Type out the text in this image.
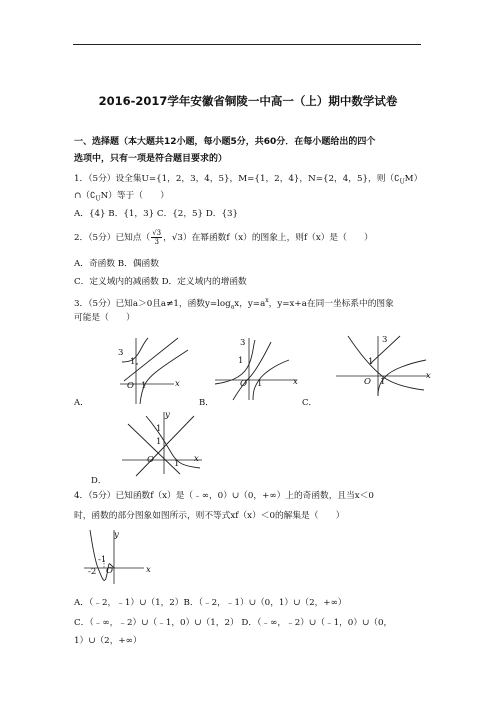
2016-2017学年安徽省铜陵一中高一（上）期中数学试卷
一、选择题（本大题共12小题，每小题5分，共60分．在每小题给出的四个
选项中，只有一项是符合题目要求的）
1．（5分）设全集U={1，2，3，4，5}，M={1，2，4}，N={2，4，5}，则$(∁_UM)$
$\cap(∁_UN)$等于（　　）
A．{4} B．{1，3} C．{2，5} D．{3}
2．（5分）已知点（ $\frac{√3}{3}$ ，√3）在幂函数f（x）的图象上，则f（x）是（　　）
A．奇函数 B．偶函数
C．定义域内的减函数 D．定义域内的增函数
3．（5分）已知a＞0且a≠1，函数$y=\log_ax$，$y=a^x$，y=x+a在同一坐标系中的图象
可能是（　　）
3
1
O 1	x
3
1
O 1	x
3
1
O 1
x
A．	B．	C．
y
1
1
O 1 x
D．
4．（5分）已知函数f（x）是（﹣∞，0）∪（0，+∞）上的奇函数，且当x＜0
时，函数的部分图象如图所示，则不等式xf（x）＜0的解集是（　　）
y
-1
-2 O	x
A．（﹣2，﹣1）∪（1，2）B．（﹣2，﹣1）∪（0，1）∪（2，+∞）
C．（﹣∞，﹣2）∪（﹣1，0）∪（1，2） D．（﹣∞，﹣2）∪（﹣1，0）∪（0，
1）∪（2，+∞）
